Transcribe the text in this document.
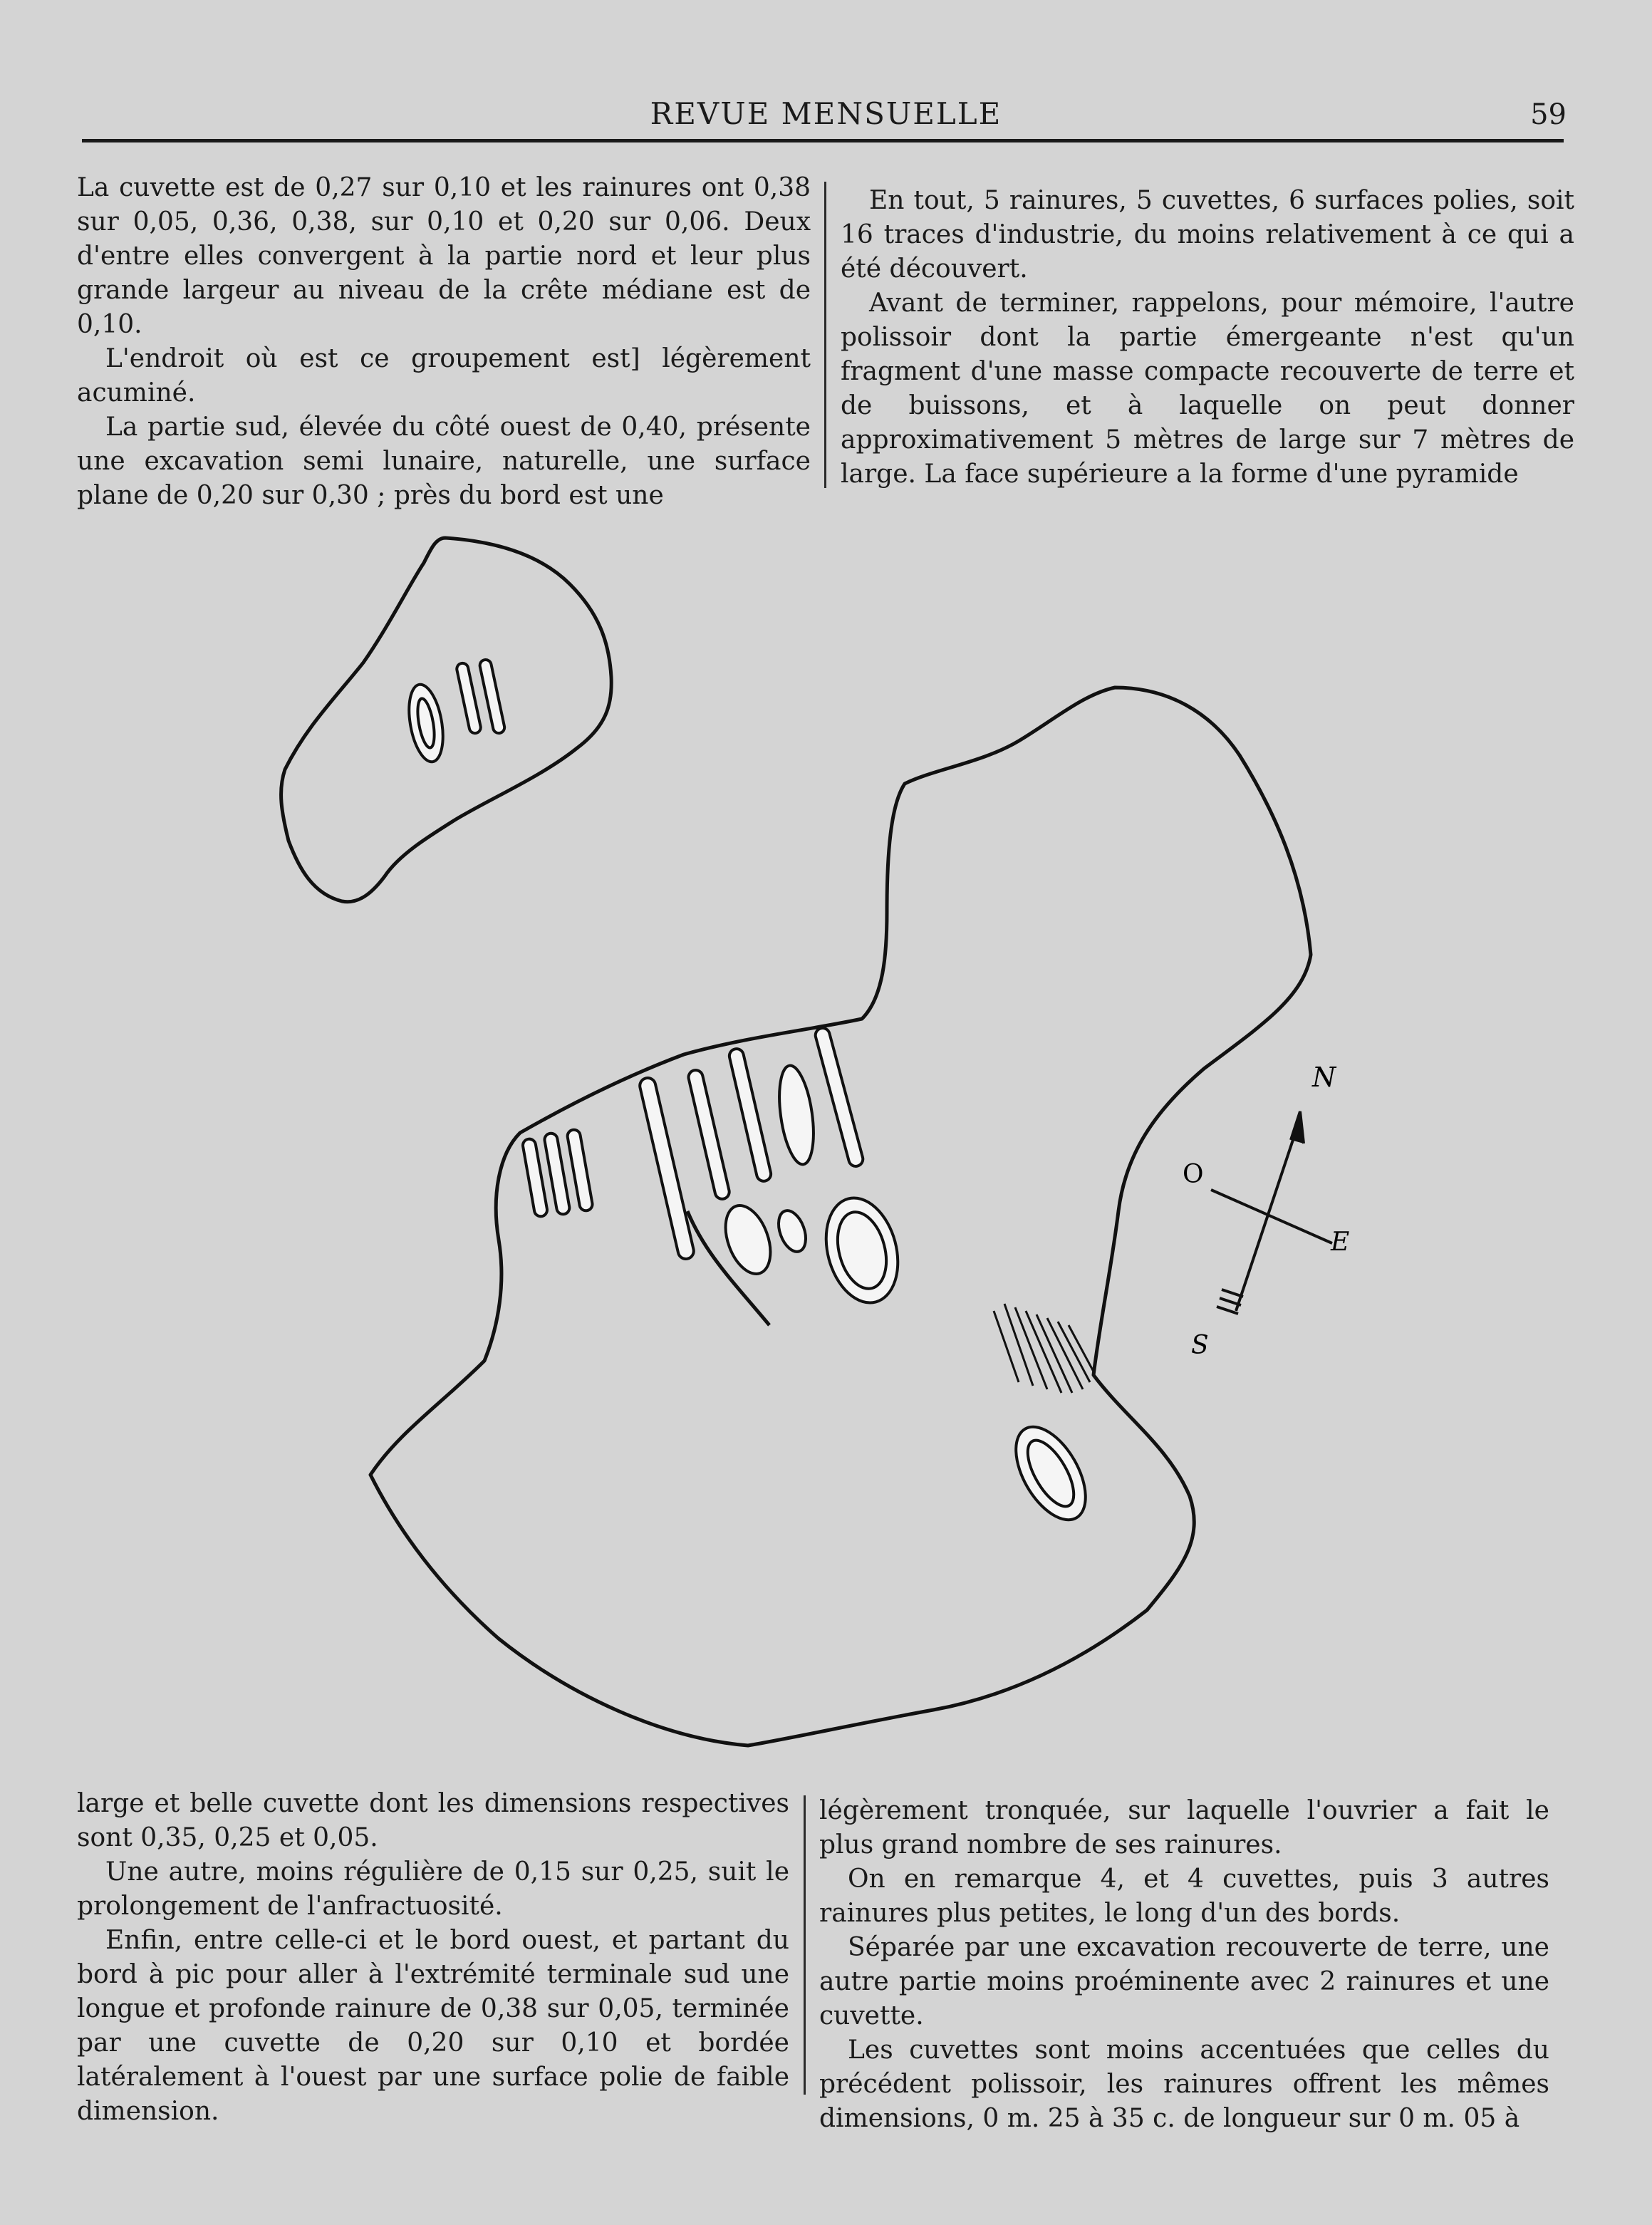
REVUE MENSUELLE	59

La cuvette est de 0,27 sur 0,10 et les rainures ont 0,38 sur 0,05, 0,36, 0,38, sur 0,10 et 0,20 sur 0,06. Deux d'entre elles convergent à la partie nord et leur plus grande largeur au niveau de la crête médiane est de 0,10.

L'endroit où est ce groupement est] légèrement acuminé.

La partie sud, élevée du côté ouest de 0,40, présente une excavation semi lunaire, naturelle, une surface plane de 0,20 sur 0,30 ; près du bord est une

En tout, 5 rainures, 5 cuvettes, 6 surfaces polies, soit 16 traces d'industrie, du moins relativement à ce qui a été découvert.

Avant de terminer, rappelons, pour mémoire, l'autre polissoir dont la partie émergeante n'est qu'un fragment d'une masse compacte recouverte de terre et de buissons, et à laquelle on peut donner approximativement 5 mètres de large sur 7 mètres de large. La face supérieure a la forme d'une pyramide

N
O
E
S

large et belle cuvette dont les dimensions respectives sont 0,35, 0,25 et 0,05.

Une autre, moins régulière de 0,15 sur 0,25, suit le prolongement de l'anfractuosité.

Enfin, entre celle-ci et le bord ouest, et partant du bord à pic pour aller à l'extrémité terminale sud une longue et profonde rainure de 0,38 sur 0,05, terminée par une cuvette de 0,20 sur 0,10 et bordée latéralement à l'ouest par une surface polie de faible dimension.

légèrement tronquée, sur laquelle l'ouvrier a fait le plus grand nombre de ses rainures.

On en remarque 4, et 4 cuvettes, puis 3 autres rainures plus petites, le long d'un des bords.

Séparée par une excavation recouverte de terre, une autre partie moins proéminente avec 2 rainures et une cuvette.

Les cuvettes sont moins accentuées que celles du précédent polissoir, les rainures offrent les mêmes dimensions, 0 m. 25 à 35 c. de longueur sur 0 m. 05 à
